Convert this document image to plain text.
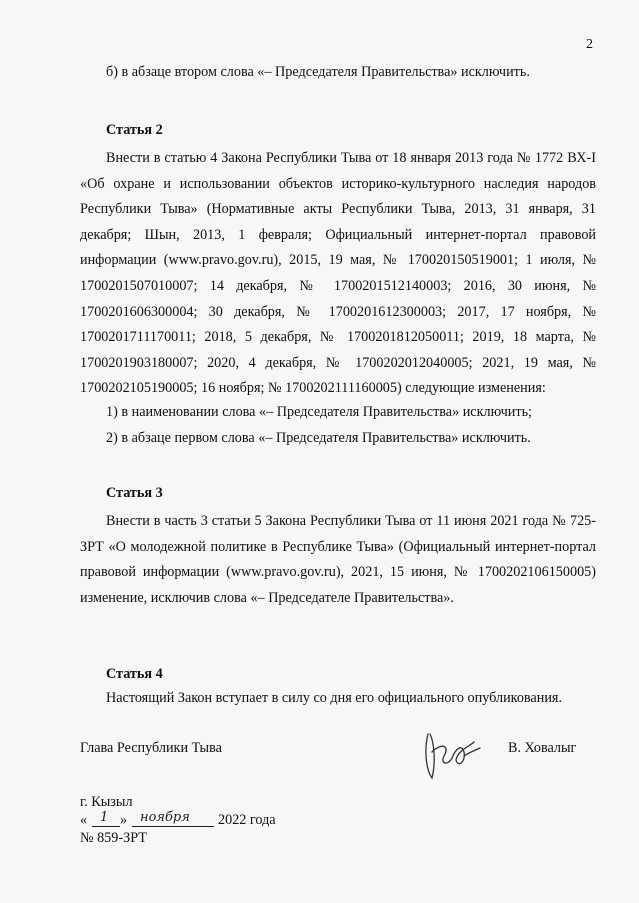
2
б) в абзаце втором слова «– Председателя Правительства» исключить.
Статья 2

Внести в статью 4 Закона Республики Тыва от 18 января 2013 года № 1772 ВХ-I «Об охране и использовании объектов историко-культурного наследия народов Республики Тыва» (Нормативные акты Республики Тыва, 2013, 31 января, 31 декабря; Шын, 2013, 1 февраля; Официальный интернет-портал правовой информации (www.pravo.gov.ru), 2015, 19 мая, № 170020150519001; 1 июля, № 1700201507010007; 14 декабря, № 1700201512140003; 2016, 30 июня, № 1700201606300004; 30 декабря, № 1700201612300003; 2017, 17 ноября, № 1700201711170011; 2018, 5 декабря, № 1700201812050011; 2019, 18 марта, № 1700201903180007; 2020, 4 декабря, № 1700202012040005; 2021, 19 мая, № 1700202105190005; 16 ноября; № 1700202111160005) следующие изменения:

1) в наименовании слова «– Председателя Правительства» исключить;
2) в абзаце первом слова «– Председателя Правительства» исключить.
Статья 3

Внести в часть 3 статьи 5 Закона Республики Тыва от 11 июня 2021 года № 725-ЗРТ «О молодежной политике в Республике Тыва» (Официальный интернет-портал правовой информации (www.pravo.gov.ru), 2021, 15 июня, № 1700202106150005) изменение, исключив слова «– Председателе Правительства».

Статья 4
Настоящий Закон вступает в силу со дня его официального опубликования.
Глава Республики Тыва	В. Ховалыг
г. Кызыл
« 1 » ноября 2022 года
№ 859-ЗРТ
